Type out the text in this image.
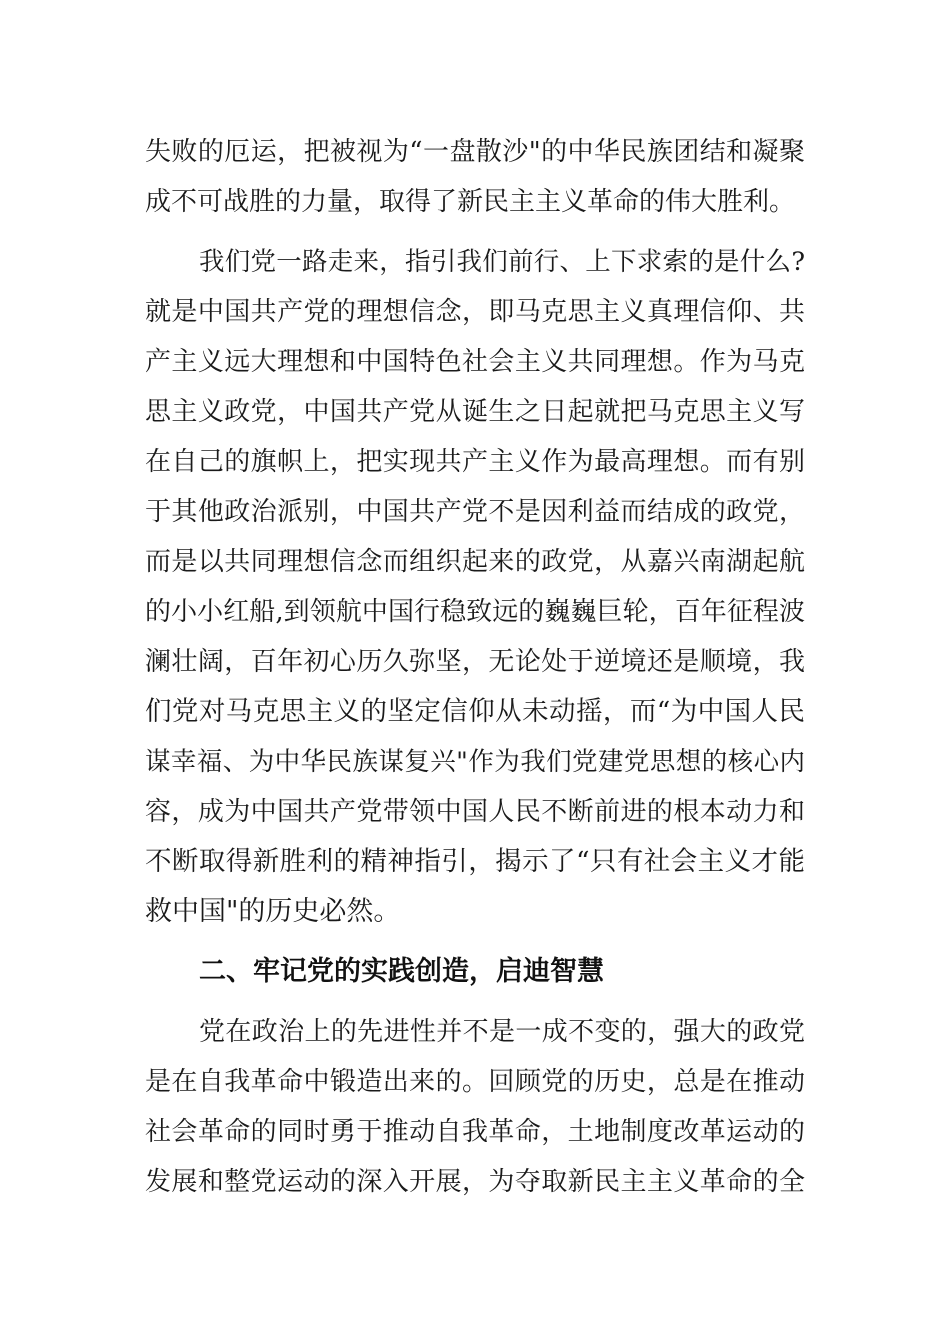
失败的厄运，把被视为“一盘散沙"的中华民族团结和凝聚
成不可战胜的力量，取得了新民主主义革命的伟大胜利。
我们党一路走来，指引我们前行、上下求索的是什么?
就是中国共产党的理想信念，即马克思主义真理信仰、共
产主义远大理想和中国特色社会主义共同理想。作为马克
思主义政党，中国共产党从诞生之日起就把马克思主义写
在自己的旗帜上，把实现共产主义作为最高理想。而有别
于其他政治派别，中国共产党不是因利益而结成的政党，
而是以共同理想信念而组织起来的政党，从嘉兴南湖起航
的小小红船,到领航中国行稳致远的巍巍巨轮，百年征程波
澜壮阔，百年初心历久弥坚，无论处于逆境还是顺境，我
们党对马克思主义的坚定信仰从未动摇，而“为中国人民
谋幸福、为中华民族谋复兴"作为我们党建党思想的核心内
容，成为中国共产党带领中国人民不断前进的根本动力和
不断取得新胜利的精神指引，揭示了“只有社会主义才能
救中国"的历史必然。
二、牢记党的实践创造，启迪智慧
党在政治上的先进性并不是一成不变的，强大的政党
是在自我革命中锻造出来的。回顾党的历史，总是在推动
社会革命的同时勇于推动自我革命，土地制度改革运动的
发展和整党运动的深入开展，为夺取新民主主义革命的全
